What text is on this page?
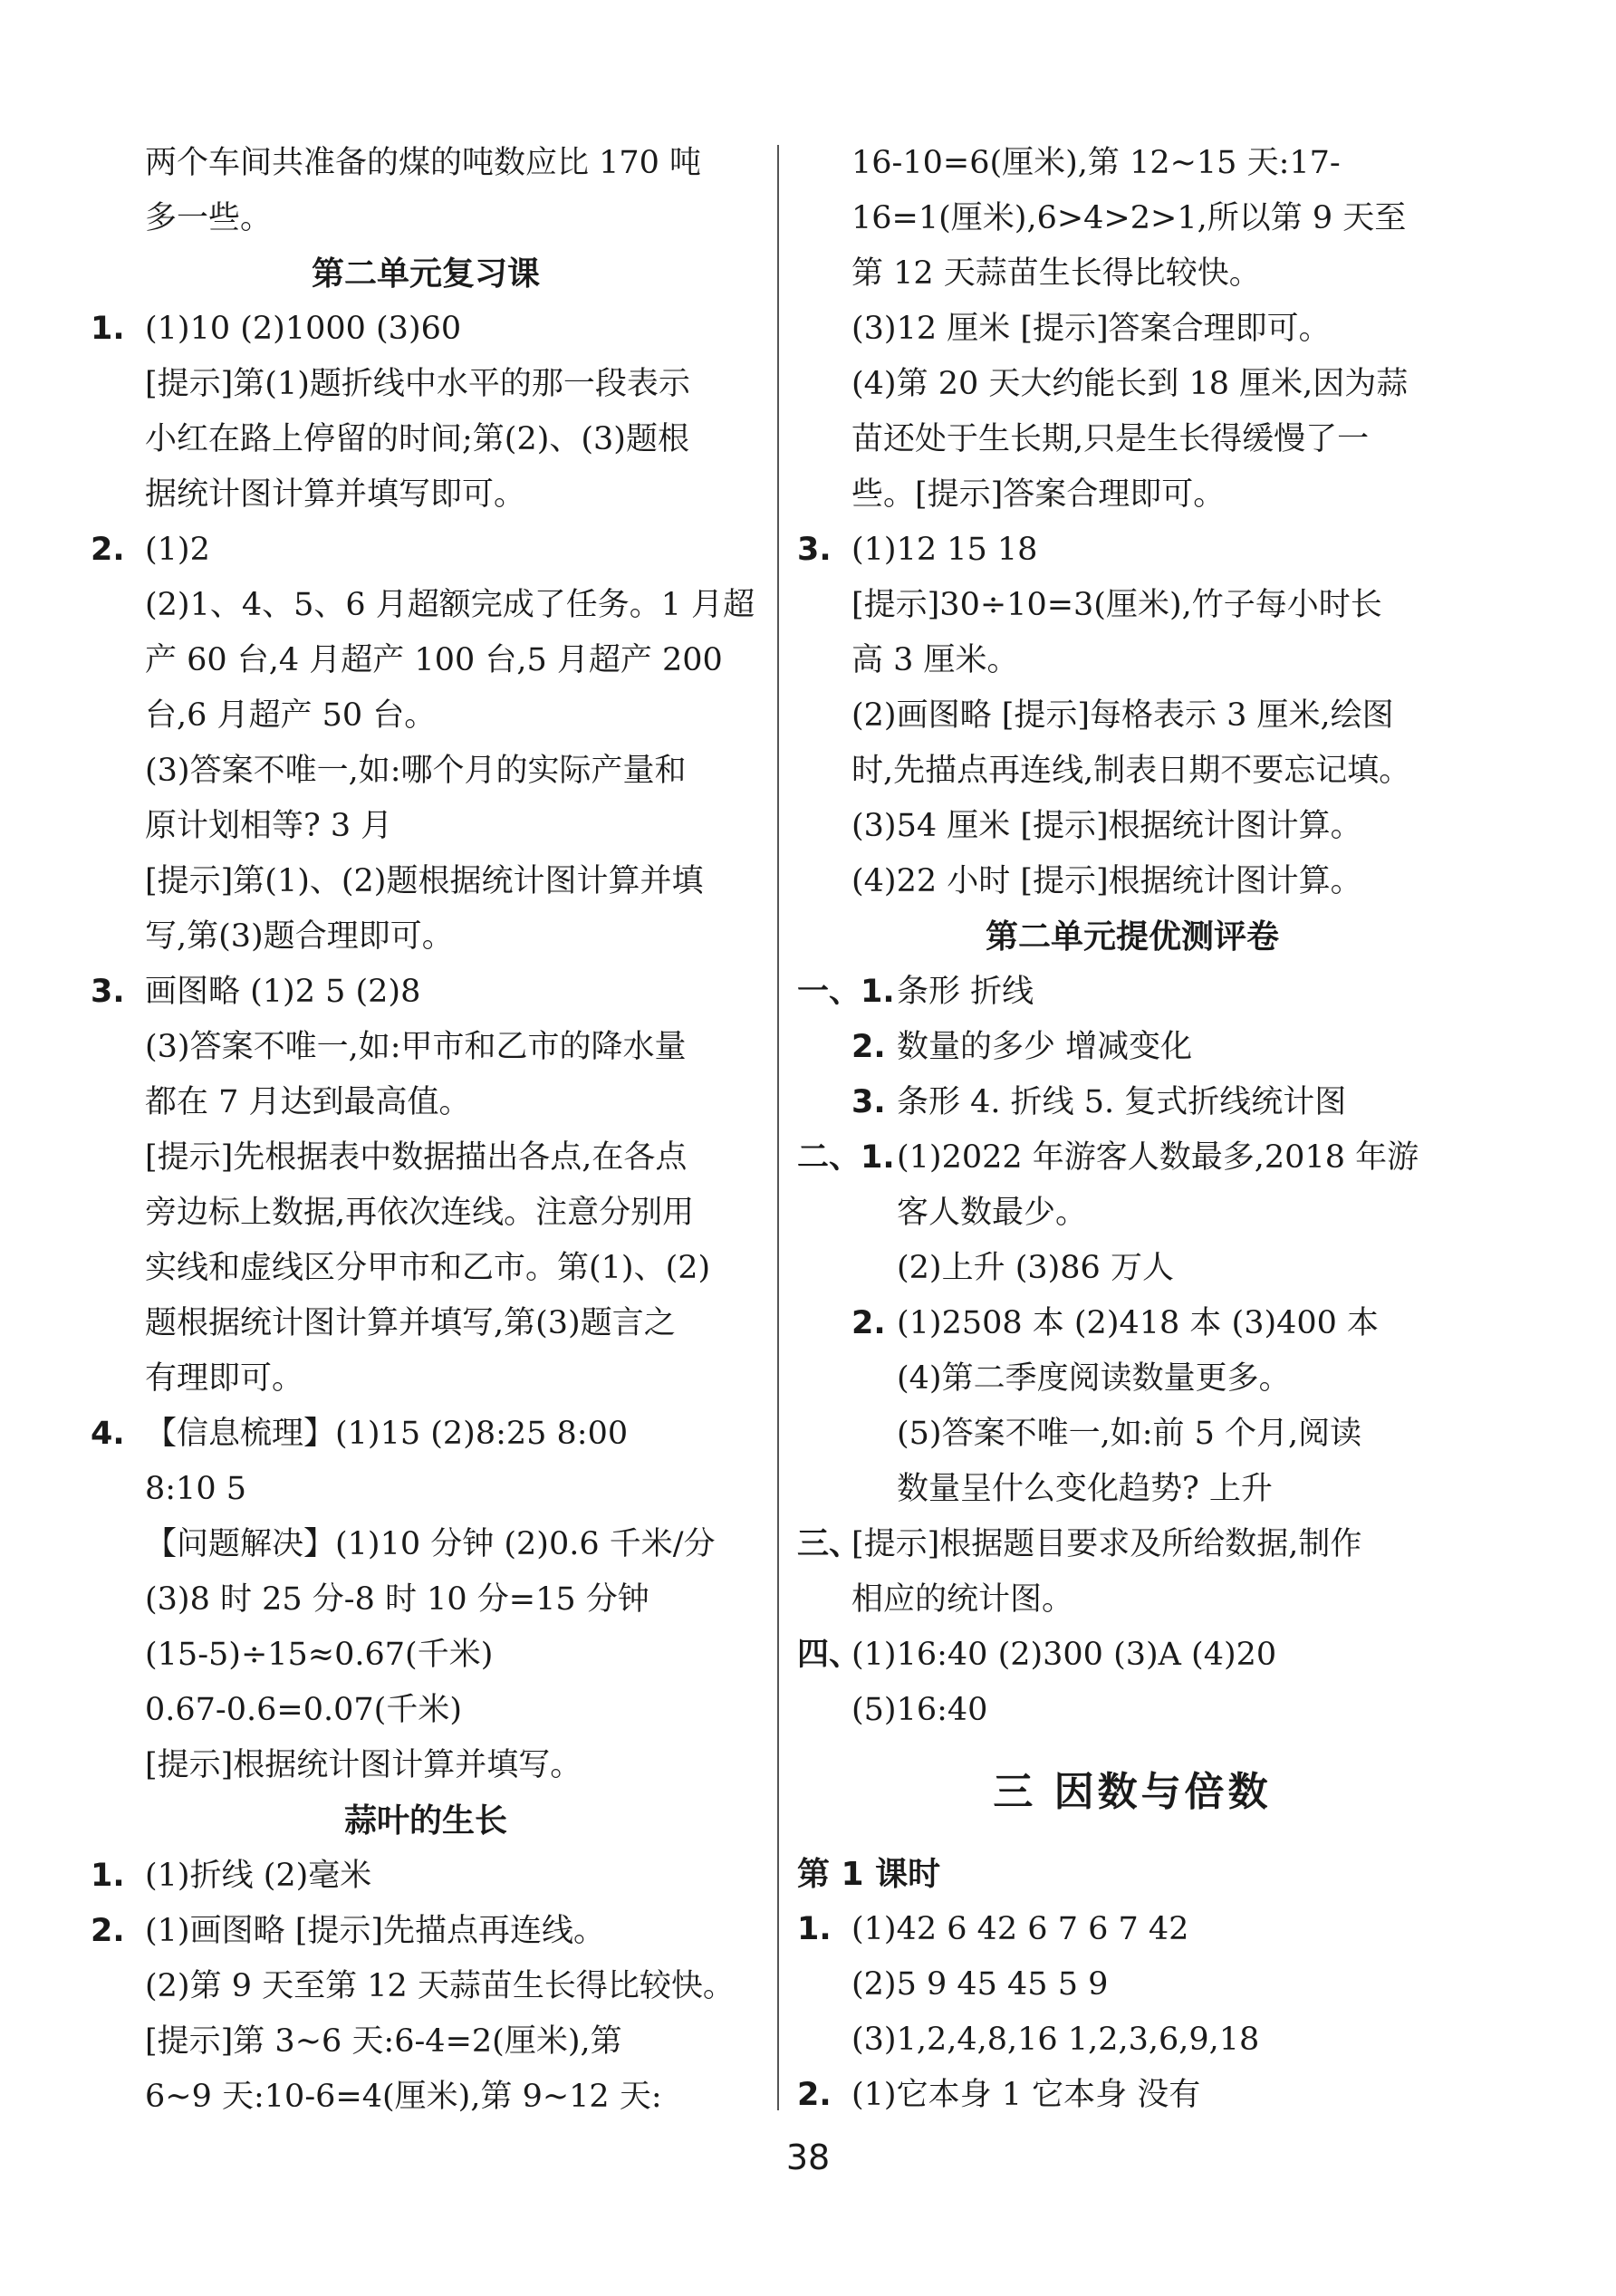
两个车间共准备的煤的吨数应比 170 吨
多一些。
第二单元复习课
1. (1)10 (2)1000 (3)60
[提示]第(1)题折线中水平的那一段表示
小红在路上停留的时间;第(2)、(3)题根
据统计图计算并填写即可。
2. (1)2
(2)1、4、5、6 月超额完成了任务。1 月超
产 60 台,4 月超产 100 台,5 月超产 200
台,6 月超产 50 台。
(3)答案不唯一,如:哪个月的实际产量和
原计划相等? 3 月
[提示]第(1)、(2)题根据统计图计算并填
写,第(3)题合理即可。
3. 画图略 (1)2 5 (2)8
(3)答案不唯一,如:甲市和乙市的降水量
都在 7 月达到最高值。
[提示]先根据表中数据描出各点,在各点
旁边标上数据,再依次连线。注意分别用
实线和虚线区分甲市和乙市。第(1)、(2)
题根据统计图计算并填写,第(3)题言之
有理即可。
4. 【信息梳理】(1)15 (2)8:25 8:00
8:10 5
【问题解决】(1)10 分钟 (2)0.6 千米/分
(3)8 时 25 分-8 时 10 分=15 分钟
(15-5)÷15≈0.67(千米)
0.67-0.6=0.07(千米)
[提示]根据统计图计算并填写。
蒜叶的生长
1. (1)折线 (2)毫米
2. (1)画图略 [提示]先描点再连线。
(2)第 9 天至第 12 天蒜苗生长得比较快。
[提示]第 3~6 天:6-4=2(厘米),第
6~9 天:10-6=4(厘米),第 9~12 天:
16-10=6(厘米),第 12~15 天:17-
16=1(厘米),6>4>2>1,所以第 9 天至
第 12 天蒜苗生长得比较快。
(3)12 厘米 [提示]答案合理即可。
(4)第 20 天大约能长到 18 厘米,因为蒜
苗还处于生长期,只是生长得缓慢了一
些。[提示]答案合理即可。
3. (1)12 15 18
[提示]30÷10=3(厘米),竹子每小时长
高 3 厘米。
(2)画图略 [提示]每格表示 3 厘米,绘图
时,先描点再连线,制表日期不要忘记填。
(3)54 厘米 [提示]根据统计图计算。
(4)22 小时 [提示]根据统计图计算。
第二单元提优测评卷
一、1.条形 折线
2. 数量的多少 增减变化
3. 条形 4. 折线 5. 复式折线统计图
二、1.(1)2022 年游客人数最多,2018 年游
客人数最少。
(2)上升 (3)86 万人
2. (1)2508 本 (2)418 本 (3)400 本
(4)第二季度阅读数量更多。
(5)答案不唯一,如:前 5 个月,阅读
数量呈什么变化趋势? 上升
三、[提示]根据题目要求及所给数据,制作
相应的统计图。
四、(1)16:40 (2)300 (3)A (4)20
(5)16:40
三 因数与倍数
第 1 课时
1. (1)42 6 42 6 7 6 7 42
(2)5 9 45 45 5 9
(3)1,2,4,8,16 1,2,3,6,9,18
2. (1)它本身 1 它本身 没有
38
